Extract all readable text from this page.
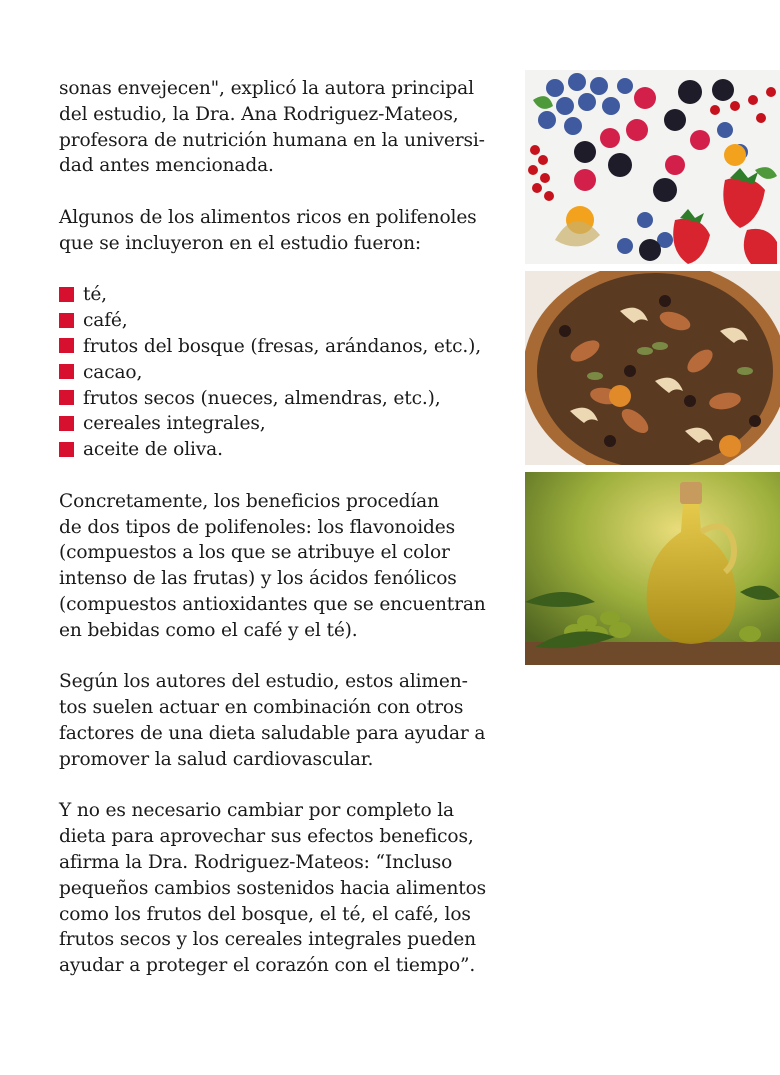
sonas envejecen", explicó la autora principal
del estudio, la Dra. Ana Rodriguez-Mateos,
profesora de nutrición humana en la universi-
dad antes mencionada.

Algunos de los alimentos ricos en polifenoles
que se incluyeron en el estudio fueron:

té,
café,
frutos del bosque (fresas, arándanos, etc.),
cacao,
frutos secos (nueces, almendras, etc.),
cereales integrales,
aceite de oliva.

Concretamente, los beneficios procedían
de dos tipos de polifenoles: los flavonoides
(compuestos a los que se atribuye el color
intenso de las frutas) y los ácidos fenólicos
(compuestos antioxidantes que se encuentran
en bebidas como el café y el té).

Según los autores del estudio, estos alimen-
tos suelen actuar en combinación con otros
factores de una dieta saludable para ayudar a
promover la salud cardiovascular.

Y no es necesario cambiar por completo la
dieta para aprovechar sus efectos beneficos,
afirma la Dra. Rodriguez-Mateos: “Incluso
pequeños cambios sostenidos hacia alimentos
como los frutos del bosque, el té, el café, los
frutos secos y los cereales integrales pueden
ayudar a proteger el corazón con el tiempo”.
